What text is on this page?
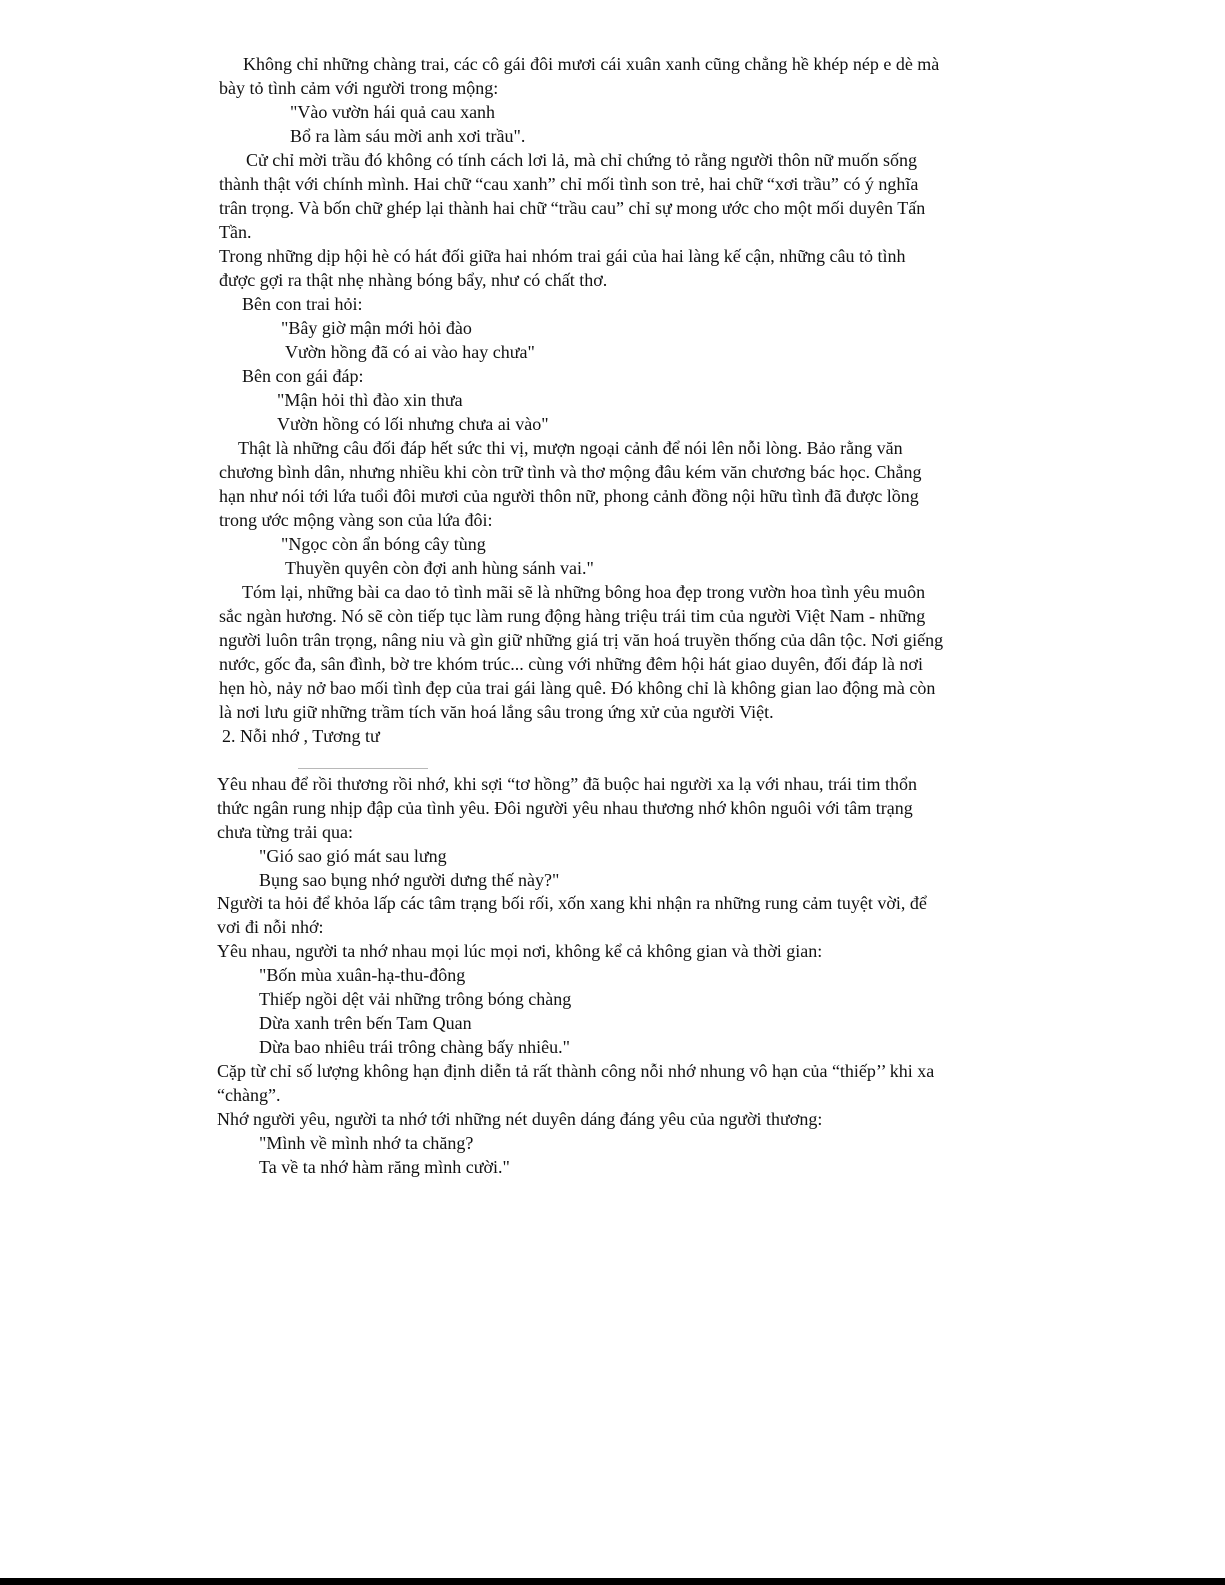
Không chỉ những chàng trai, các cô gái đôi mươi cái xuân xanh cũng chẳng hề khép nép e dè mà
bày tỏ tình cảm với người trong mộng:
"Vào vườn hái quả cau xanh
Bổ ra làm sáu mời anh xơi trầu".
Cử chỉ mời trầu đó không có tính cách lơi lả, mà chỉ chứng tỏ rằng người thôn nữ muốn sống
thành thật với chính mình. Hai chữ “cau xanh” chỉ mối tình son trẻ, hai chữ “xơi trầu” có ý nghĩa
trân trọng. Và bốn chữ ghép lại thành hai chữ “trầu cau” chỉ sự mong ước cho một mối duyên Tấn
Tần.
Trong những dịp hội hè có hát đối giữa hai nhóm trai gái của hai làng kế cận, những câu tỏ tình
được gợi ra thật nhẹ nhàng bóng bẩy, như có chất thơ.
Bên con trai hỏi:
"Bây giờ mận mới hỏi đào
Vườn hồng đã có ai vào hay chưa"
Bên con gái đáp:
"Mận hỏi thì đào xin thưa
Vườn hồng có lối nhưng chưa ai vào"
Thật là những câu đối đáp hết sức thi vị, mượn ngoại cảnh để nói lên nỗi lòng. Bảo rằng văn
chương bình dân, nhưng nhiều khi còn trữ tình và thơ mộng đâu kém văn chương bác học. Chẳng
hạn như nói tới lứa tuổi đôi mươi của người thôn nữ, phong cảnh đồng nội hữu tình đã được lồng
trong ước mộng vàng son của lứa đôi:
"Ngọc còn ẩn bóng cây tùng
Thuyền quyên còn đợi anh hùng sánh vai."
Tóm lại, những bài ca dao tỏ tình mãi sẽ là những bông hoa đẹp trong vườn hoa tình yêu muôn
sắc ngàn hương. Nó sẽ còn tiếp tục làm rung động hàng triệu trái tim của người Việt Nam - những
người luôn trân trọng, nâng niu và gìn giữ những giá trị văn hoá truyền thống của dân tộc. Nơi giếng
nước, gốc đa, sân đình, bờ tre khóm trúc... cùng với những đêm hội hát giao duyên, đối đáp là nơi
hẹn hò, nảy nở bao mối tình đẹp của trai gái làng quê. Đó không chỉ là không gian lao động mà còn
là nơi lưu giữ những trầm tích văn hoá lắng sâu trong ứng xử của người Việt.
2. Nỗi nhớ , Tương tư
Yêu nhau để rồi thương rồi nhớ, khi sợi “tơ hồng” đã buộc hai người xa lạ với nhau, trái tim thổn
thức ngân rung nhịp đập của tình yêu. Đôi người yêu nhau thương nhớ khôn nguôi với tâm trạng
chưa từng trải qua:
"Gió sao gió mát sau lưng
Bụng sao bụng nhớ người dưng thế này?"
Người ta hỏi để khỏa lấp các tâm trạng bối rối, xốn xang khi nhận ra những rung cảm tuyệt vời, để
vơi đi nỗi nhớ:
Yêu nhau, người ta nhớ nhau mọi lúc mọi nơi, không kể cả không gian và thời gian:
"Bốn mùa xuân-hạ-thu-đông
Thiếp ngồi dệt vải những trông bóng chàng
Dừa xanh trên bến Tam Quan
Dừa bao nhiêu trái trông chàng bấy nhiêu."
Cặp từ chỉ số lượng không hạn định diễn tả rất thành công nỗi nhớ nhung vô hạn của “thiếp’’ khi xa
“chàng”.
Nhớ người yêu, người ta nhớ tới những nét duyên dáng đáng yêu của người thương:
"Mình về mình nhớ ta chăng?
Ta về ta nhớ hàm răng mình cười."
